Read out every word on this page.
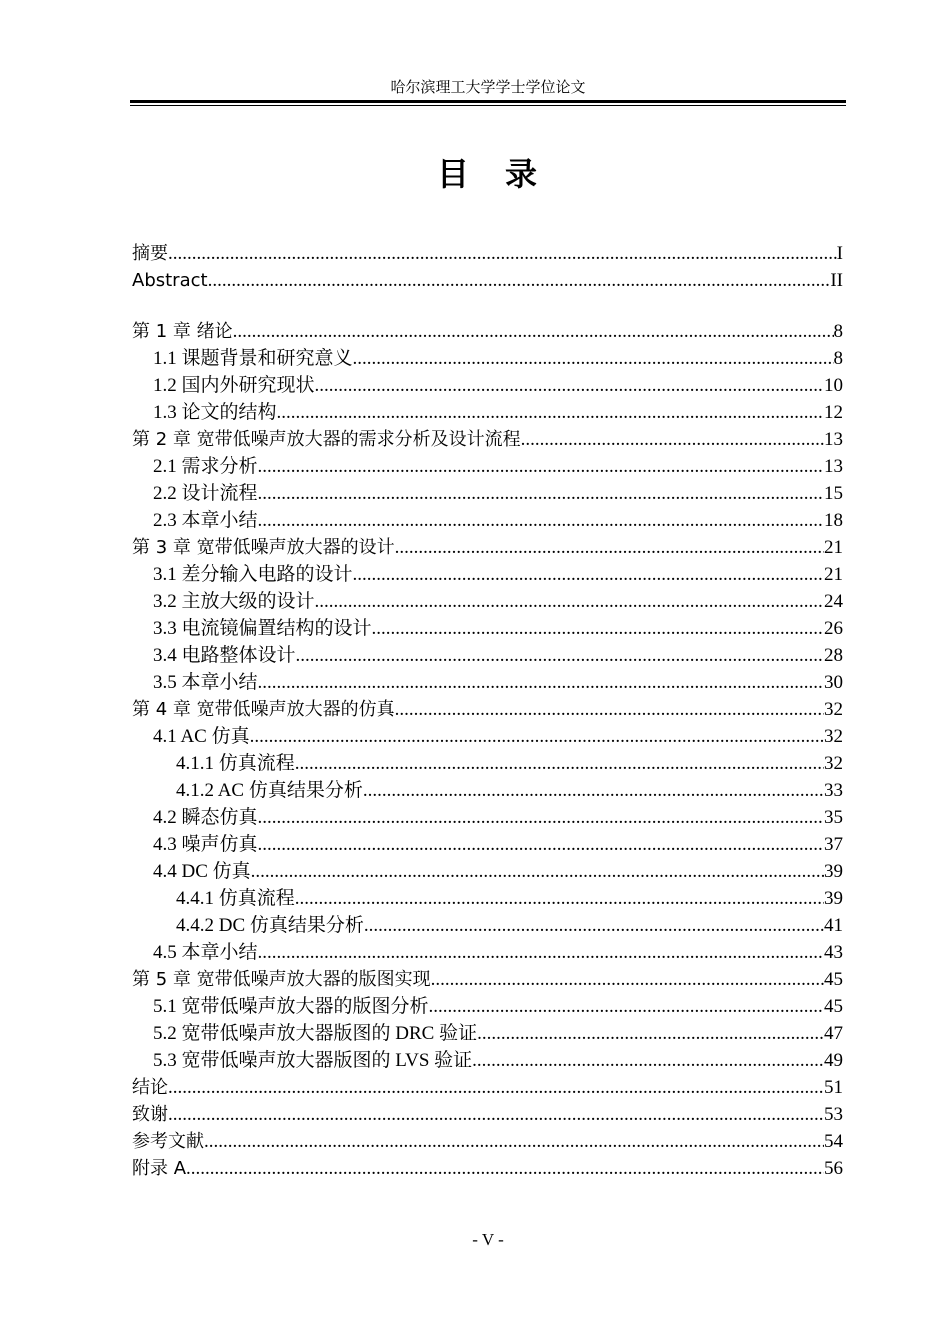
哈尔滨理工大学学士学位论文
目　录
摘要 .....	I
Abstract .....	II
第 1 章 绪论 .....	8
1.1 课题背景和研究意义 .....	8
1.2 国内外研究现状 .....	10
1.3 论文的结构 .....	12
第 2 章 宽带低噪声放大器的需求分析及设计流程 .....	13
2.1 需求分析 .....	13
2.2 设计流程 .....	15
2.3 本章小结 .....	18
第 3 章 宽带低噪声放大器的设计 .....	21
3.1 差分输入电路的设计 .....	21
3.2 主放大级的设计 .....	24
3.3 电流镜偏置结构的设计 .....	26
3.4 电路整体设计 .....	28
3.5 本章小结 .....	30
第 4 章 宽带低噪声放大器的仿真 .....	32
4.1 AC 仿真 .....	32
4.1.1 仿真流程 .....	32
4.1.2 AC 仿真结果分析 .....	33
4.2 瞬态仿真 .....	35
4.3 噪声仿真 .....	37
4.4 DC 仿真 .....	39
4.4.1 仿真流程 .....	39
4.4.2 DC 仿真结果分析 .....	41
4.5 本章小结 .....	43
第 5 章 宽带低噪声放大器的版图实现 .....	45
5.1 宽带低噪声放大器的版图分析 .....	45
5.2 宽带低噪声放大器版图的 DRC 验证 .....	47
5.3 宽带低噪声放大器版图的 LVS 验证 .....	49
结论 .....	51
致谢 .....	53
参考文献 .....	54
附录 A .....	56
- V -
